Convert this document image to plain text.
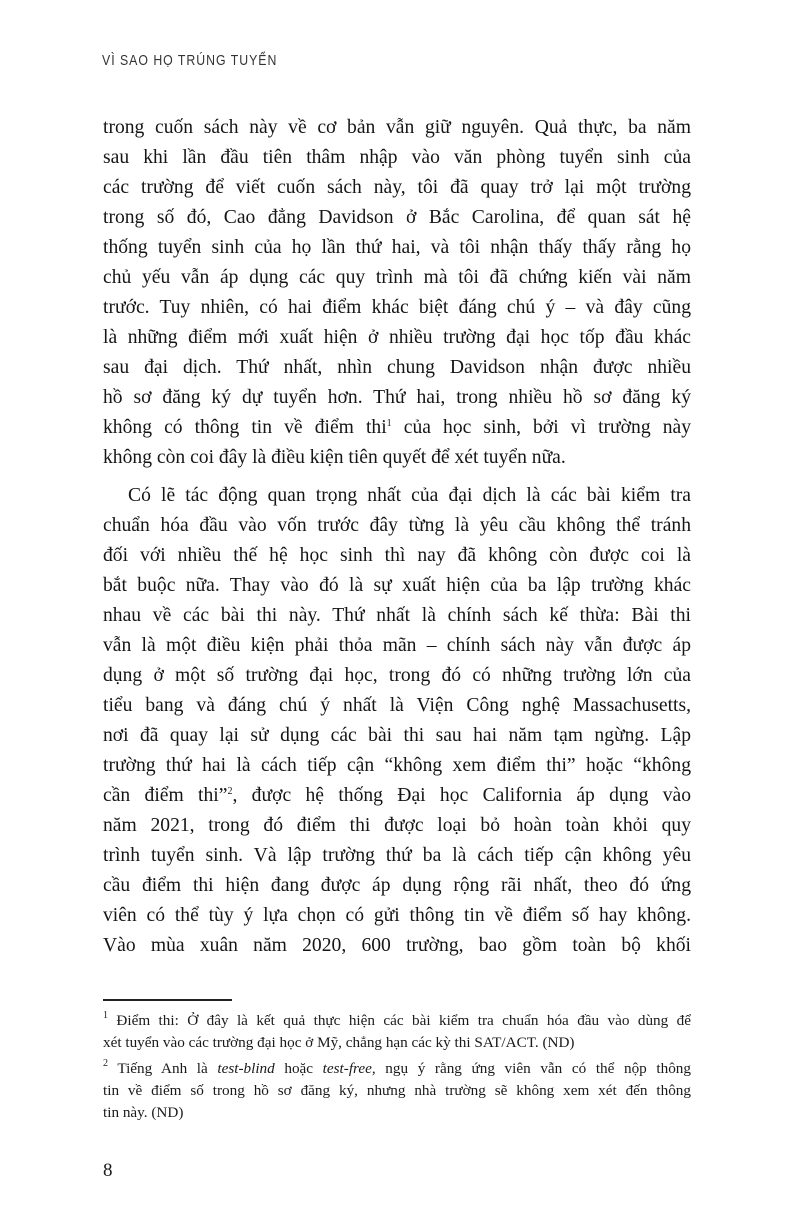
VÌ SAO HỌ TRÚNG TUYỂN

trong cuốn sách này về cơ bản vẫn giữ nguyên. Quả thực, ba năm
sau khi lần đầu tiên thâm nhập vào văn phòng tuyển sinh của
các trường để viết cuốn sách này, tôi đã quay trở lại một trường
trong số đó, Cao đẳng Davidson ở Bắc Carolina, để quan sát hệ
thống tuyển sinh của họ lần thứ hai, và tôi nhận thấy thấy rằng họ
chủ yếu vẫn áp dụng các quy trình mà tôi đã chứng kiến vài năm
trước. Tuy nhiên, có hai điểm khác biệt đáng chú ý – và đây cũng
là những điểm mới xuất hiện ở nhiều trường đại học tốp đầu khác
sau đại dịch. Thứ nhất, nhìn chung Davidson nhận được nhiều
hồ sơ đăng ký dự tuyển hơn. Thứ hai, trong nhiều hồ sơ đăng ký
không có thông tin về điểm thi$^1$ của học sinh, bởi vì trường này
không còn coi đây là điều kiện tiên quyết để xét tuyển nữa.

Có lẽ tác động quan trọng nhất của đại dịch là các bài kiểm tra
chuẩn hóa đầu vào vốn trước đây từng là yêu cầu không thể tránh
đối với nhiều thế hệ học sinh thì nay đã không còn được coi là
bắt buộc nữa. Thay vào đó là sự xuất hiện của ba lập trường khác
nhau về các bài thi này. Thứ nhất là chính sách kế thừa: Bài thi
vẫn là một điều kiện phải thỏa mãn – chính sách này vẫn được áp
dụng ở một số trường đại học, trong đó có những trường lớn của
tiểu bang và đáng chú ý nhất là Viện Công nghệ Massachusetts,
nơi đã quay lại sử dụng các bài thi sau hai năm tạm ngừng. Lập
trường thứ hai là cách tiếp cận “không xem điểm thi” hoặc “không
cần điểm thi”$^2$, được hệ thống Đại học California áp dụng vào
năm 2021, trong đó điểm thi được loại bỏ hoàn toàn khỏi quy
trình tuyển sinh. Và lập trường thứ ba là cách tiếp cận không yêu
cầu điểm thi hiện đang được áp dụng rộng rãi nhất, theo đó ứng
viên có thể tùy ý lựa chọn có gửi thông tin về điểm số hay không.
Vào mùa xuân năm 2020, 600 trường, bao gồm toàn bộ khối

$^1$ Điểm thi: Ở đây là kết quả thực hiện các bài kiểm tra chuẩn hóa đầu vào dùng để
xét tuyển vào các trường đại học ở Mỹ, chẳng hạn các kỳ thi SAT/ACT. (ND)

$^2$ Tiếng Anh là test-blind hoặc test-free, ngụ ý rằng ứng viên vẫn có thể nộp thông
tin về điểm số trong hồ sơ đăng ký, nhưng nhà trường sẽ không xem xét đến thông
tin này. (ND)

8
